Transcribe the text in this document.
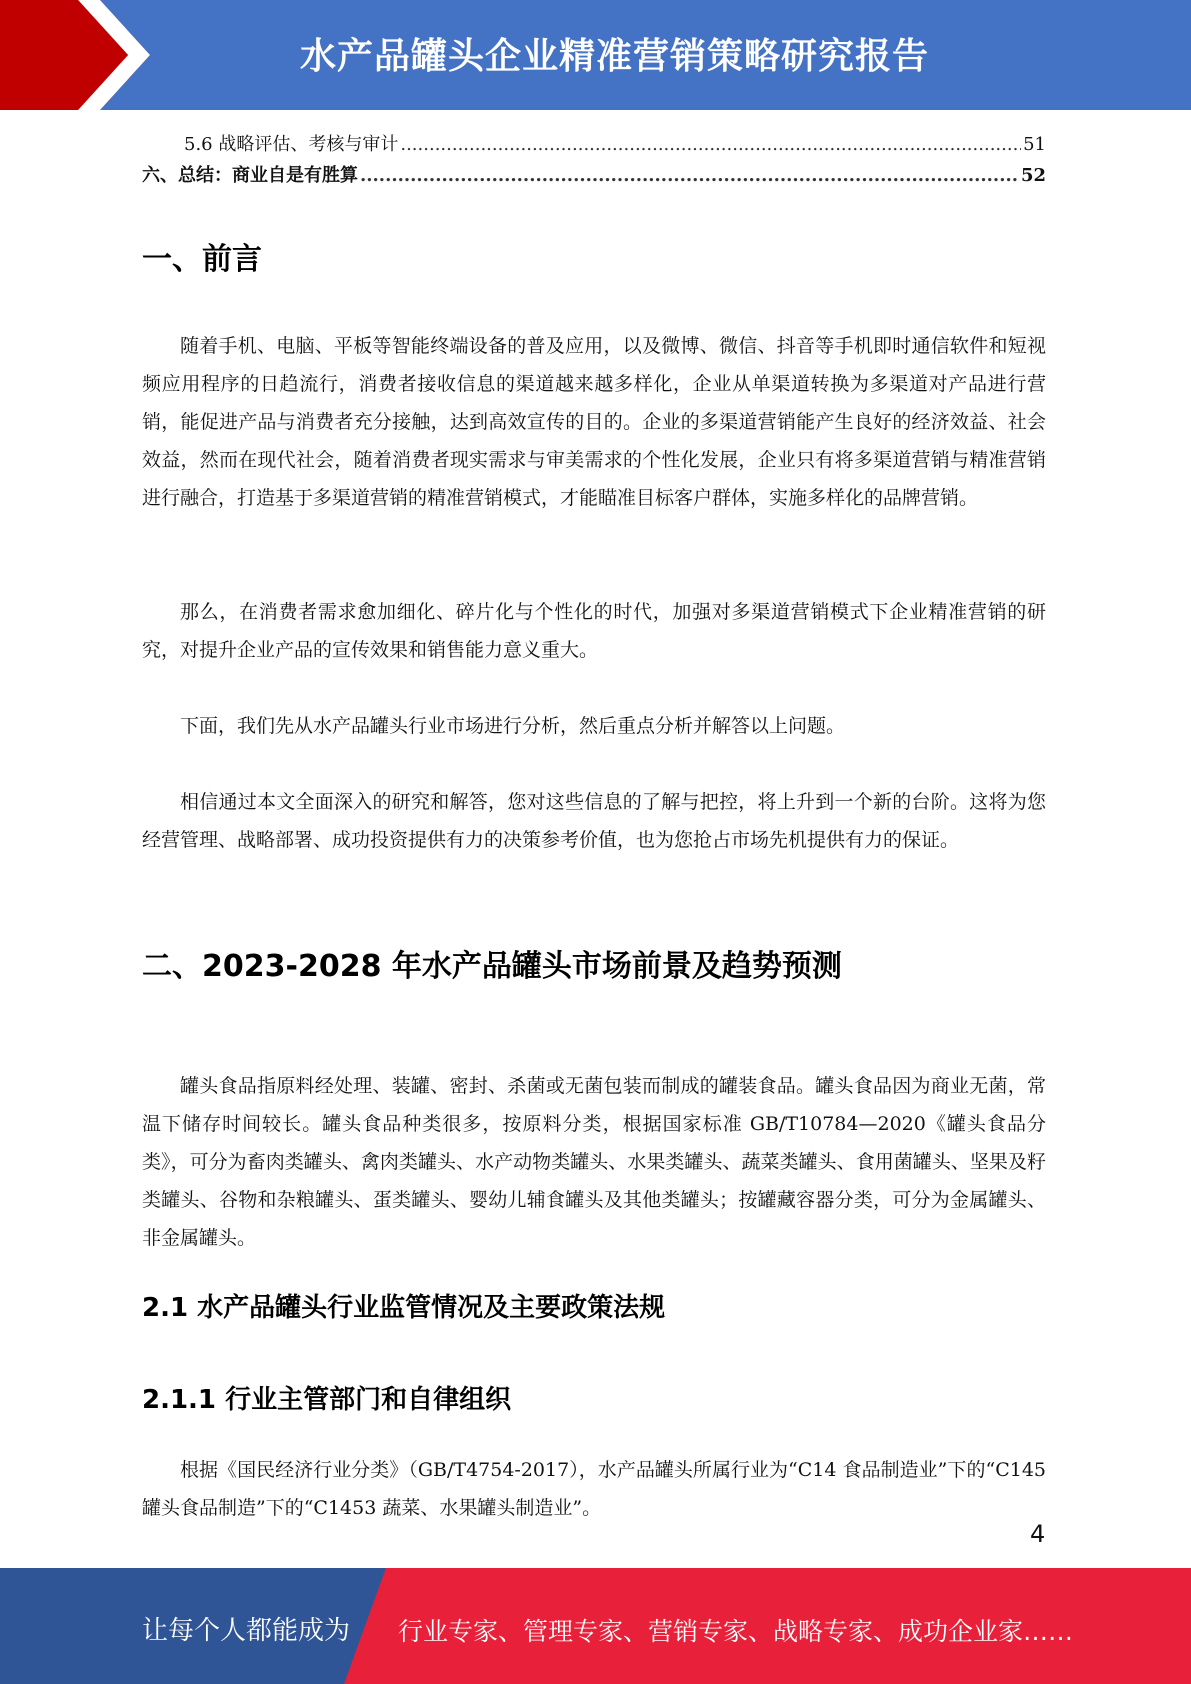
水产品罐头企业精准营销策略研究报告
5.6 战略评估、考核与审计 .....	51
六、总结：商业自是有胜算 .....	52
一、前言

随着手机、电脑、平板等智能终端设备的普及应用，以及微博、微信、抖音等手机即时通信软件和短视频应用程序的日趋流行，消费者接收信息的渠道越来越多样化，企业从单渠道转换为多渠道对产品进行营销，能促进产品与消费者充分接触，达到高效宣传的目的。企业的多渠道营销能产生良好的经济效益、社会效益，然而在现代社会，随着消费者现实需求与审美需求的个性化发展，企业只有将多渠道营销与精准营销进行融合，打造基于多渠道营销的精准营销模式，才能瞄准目标客户群体，实施多样化的品牌营销。

那么，在消费者需求愈加细化、碎片化与个性化的时代，加强对多渠道营销模式下企业精准营销的研究，对提升企业产品的宣传效果和销售能力意义重大。

下面，我们先从水产品罐头行业市场进行分析，然后重点分析并解答以上问题。

相信通过本文全面深入的研究和解答，您对这些信息的了解与把控，将上升到一个新的台阶。这将为您经营管理、战略部署、成功投资提供有力的决策参考价值，也为您抢占市场先机提供有力的保证。

二、2023-2028 年水产品罐头市场前景及趋势预测

罐头食品指原料经处理、装罐、密封、杀菌或无菌包装而制成的罐装食品。罐头食品因为商业无菌，常温下储存时间较长。罐头食品种类很多，按原料分类，根据国家标准 GB/T10784—2020《罐头食品分类》，可分为畜肉类罐头、禽肉类罐头、水产动物类罐头、水果类罐头、蔬菜类罐头、食用菌罐头、坚果及籽类罐头、谷物和杂粮罐头、蛋类罐头、婴幼儿辅食罐头及其他类罐头；按罐藏容器分类，可分为金属罐头、非金属罐头。

2.1 水产品罐头行业监管情况及主要政策法规
2.1.1 行业主管部门和自律组织

根据《国民经济行业分类》（GB/T4754-2017），水产品罐头所属行业为“C14 食品制造业”下的“C145 罐头食品制造”下的“C1453 蔬菜、水果罐头制造业”。

4
让每个人都能成为 行业专家、管理专家、营销专家、战略专家、成功企业家……
